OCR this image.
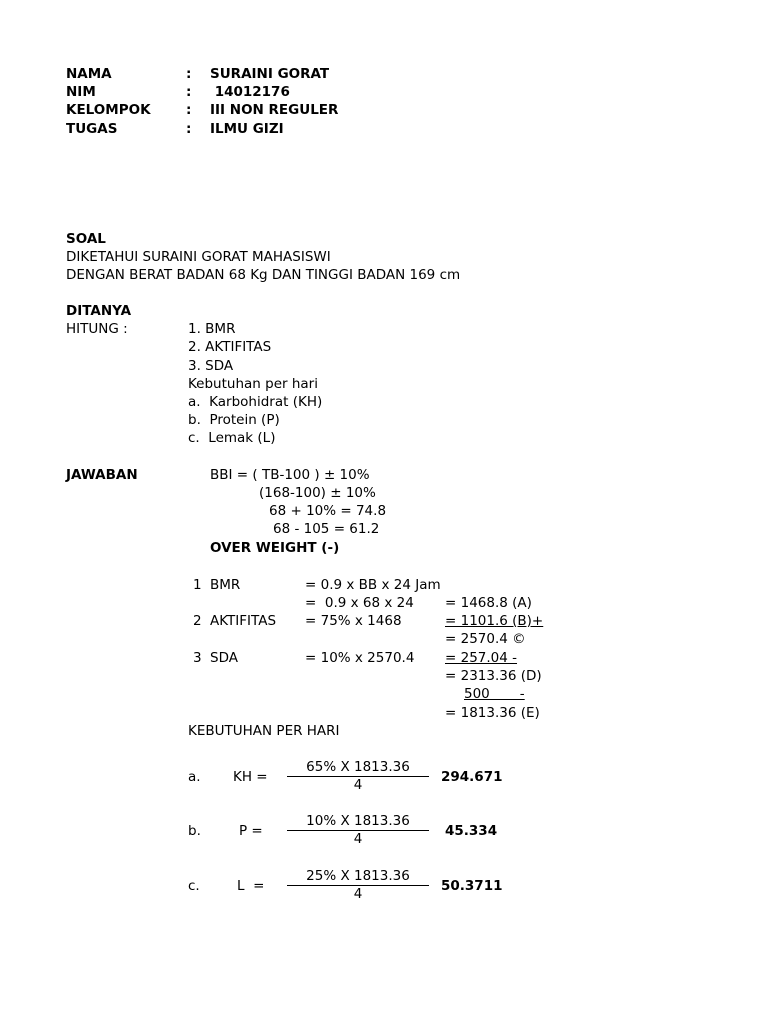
NAMA	: SURAINI GORAT
NIM	: 14012176
KELOMPOK	: III NON REGULER
TUGAS	: ILMU GIZI
SOAL
DIKETAHUI SURAINI GORAT MAHASISWI
DENGAN BERAT BADAN 68 Kg DAN TINGGI BADAN 169 cm
DITANYA
HITUNG :	1. BMR
2. AKTIFITAS
3. SDA
Kebutuhan per hari
a.  Karbohidrat (KH)
b.  Protein (P)
c.  Lemak (L)
JAWABAN	BBI = ( TB-100 ) ± 10%
(168-100) ± 10%
68 + 10% = 74.8
68 - 105 = 61.2
OVER WEIGHT (-)
1 BMR	= 0.9 x BB x 24 Jam
=  0.9 x 68 x 24 = 1468.8 (A)
2 AKTIFITAS = 75% x 1468	= 1101.6 (B)+
= 2570.4 ©
3 SDA	= 10% x 2570.4	= 257.04 -
= 2313.36 (D)
500       -
= 1813.36 (E)
KEBUTUHAN PER HARI
a. KH =
65% X 1813.36
4	294.671
b.	P =
10% X 1813.36
4	45.334
c.	L  =
25% X 1813.36
4	50.3711
